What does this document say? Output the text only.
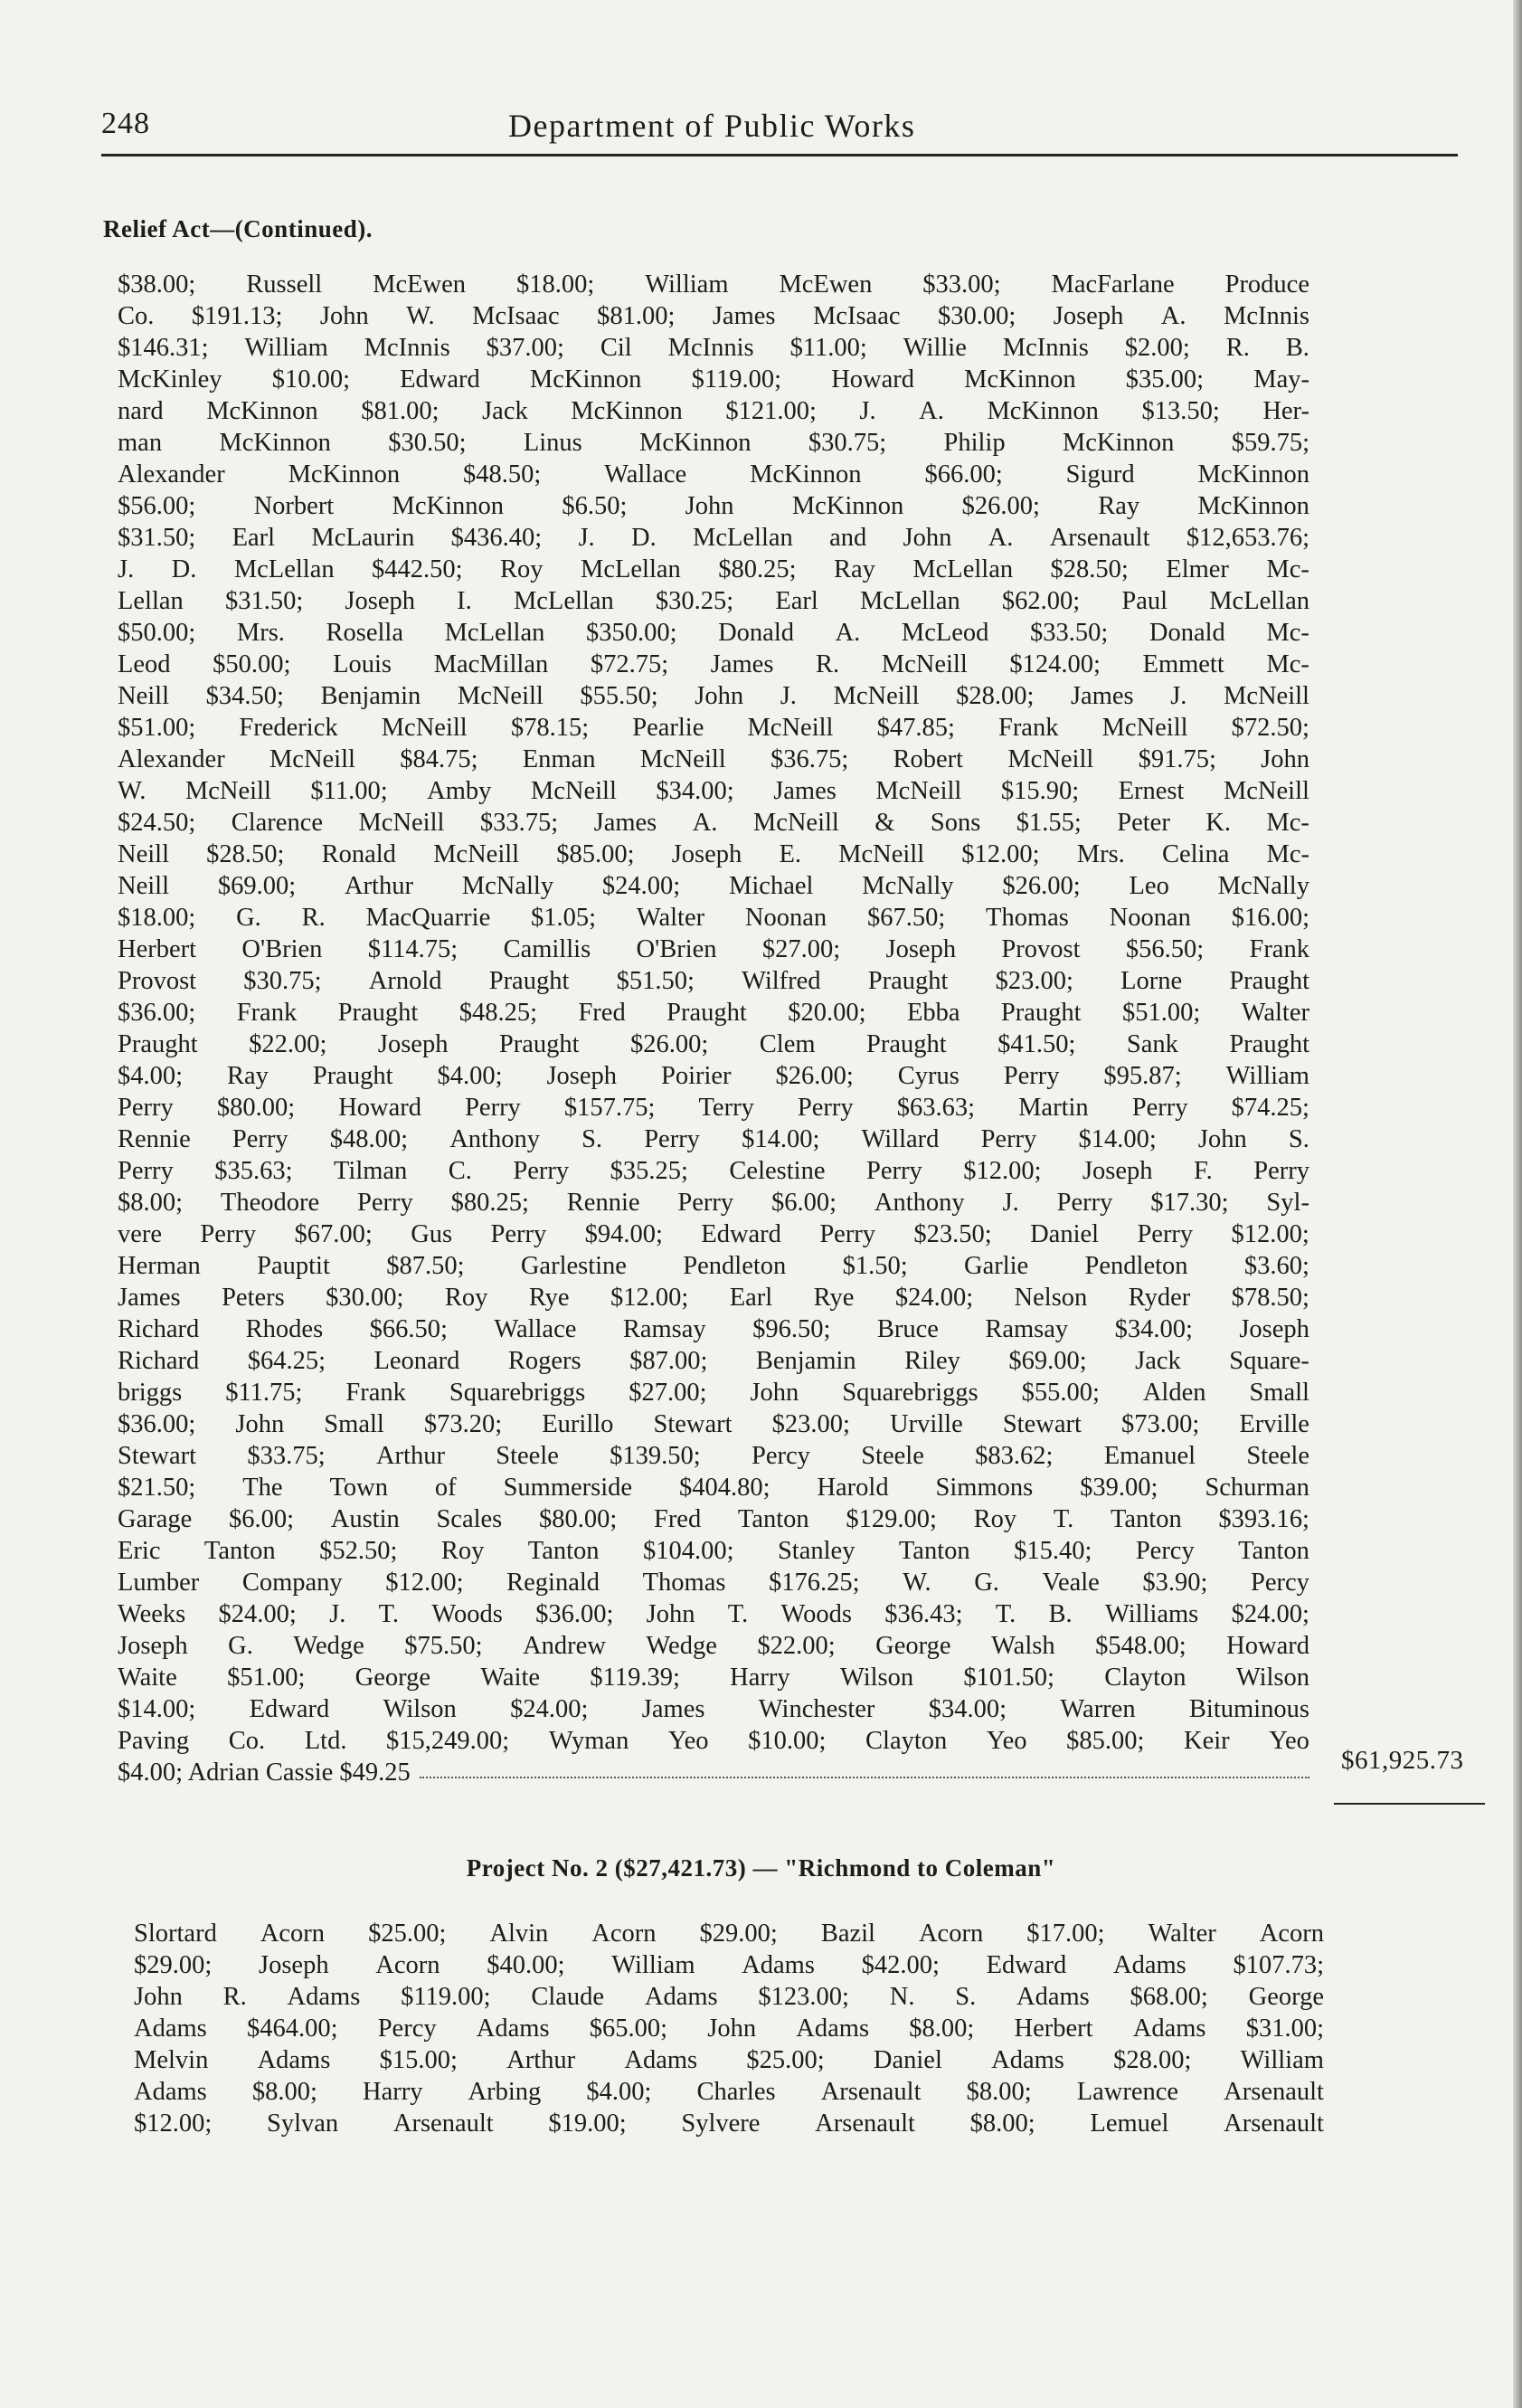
248	Department of Public Works
Relief Act—(Continued).
$38.00; Russell McEwen $18.00; William McEwen $33.00; MacFarlane Produce
Co. $191.13; John W. McIsaac $81.00; James McIsaac $30.00; Joseph A. McInnis
$146.31; William McInnis $37.00; Cil McInnis $11.00; Willie McInnis $2.00; R. B.
McKinley $10.00; Edward McKinnon $119.00; Howard McKinnon $35.00; May-
nard McKinnon $81.00; Jack McKinnon $121.00; J. A. McKinnon $13.50; Her-
man McKinnon $30.50; Linus McKinnon $30.75; Philip McKinnon $59.75;
Alexander McKinnon $48.50; Wallace McKinnon $66.00; Sigurd McKinnon
$56.00; Norbert McKinnon $6.50; John McKinnon $26.00; Ray McKinnon
$31.50; Earl McLaurin $436.40; J. D. McLellan and John A. Arsenault $12,653.76;
J. D. McLellan $442.50; Roy McLellan $80.25; Ray McLellan $28.50; Elmer Mc-
Lellan $31.50; Joseph I. McLellan $30.25; Earl McLellan $62.00; Paul McLellan
$50.00; Mrs. Rosella McLellan $350.00; Donald A. McLeod $33.50; Donald Mc-
Leod $50.00; Louis MacMillan $72.75; James R. McNeill $124.00; Emmett Mc-
Neill $34.50; Benjamin McNeill $55.50; John J. McNeill $28.00; James J. McNeill
$51.00; Frederick McNeill $78.15; Pearlie McNeill $47.85; Frank McNeill $72.50;
Alexander McNeill $84.75; Enman McNeill $36.75; Robert McNeill $91.75; John
W. McNeill $11.00; Amby McNeill $34.00; James McNeill $15.90; Ernest McNeill
$24.50; Clarence McNeill $33.75; James A. McNeill & Sons $1.55; Peter K. Mc-
Neill $28.50; Ronald McNeill $85.00; Joseph E. McNeill $12.00; Mrs. Celina Mc-
Neill $69.00; Arthur McNally $24.00; Michael McNally $26.00; Leo McNally
$18.00; G. R. MacQuarrie $1.05; Walter Noonan $67.50; Thomas Noonan $16.00;
Herbert O'Brien $114.75; Camillis O'Brien $27.00; Joseph Provost $56.50; Frank
Provost $30.75; Arnold Praught $51.50; Wilfred Praught $23.00; Lorne Praught
$36.00; Frank Praught $48.25; Fred Praught $20.00; Ebba Praught $51.00; Walter
Praught $22.00; Joseph Praught $26.00; Clem Praught $41.50; Sank Praught
$4.00; Ray Praught $4.00; Joseph Poirier $26.00; Cyrus Perry $95.87; William
Perry $80.00; Howard Perry $157.75; Terry Perry $63.63; Martin Perry $74.25;
Rennie Perry $48.00; Anthony S. Perry $14.00; Willard Perry $14.00; John S.
Perry $35.63; Tilman C. Perry $35.25; Celestine Perry $12.00; Joseph F. Perry
$8.00; Theodore Perry $80.25; Rennie Perry $6.00; Anthony J. Perry $17.30; Syl-
vere Perry $67.00; Gus Perry $94.00; Edward Perry $23.50; Daniel Perry $12.00;
Herman Pauptit $87.50; Garlestine Pendleton $1.50; Garlie Pendleton $3.60;
James Peters $30.00; Roy Rye $12.00; Earl Rye $24.00; Nelson Ryder $78.50;
Richard Rhodes $66.50; Wallace Ramsay $96.50; Bruce Ramsay $34.00; Joseph
Richard $64.25; Leonard Rogers $87.00; Benjamin Riley $69.00; Jack Square-
briggs $11.75; Frank Squarebriggs $27.00; John Squarebriggs $55.00; Alden Small
$36.00; John Small $73.20; Eurillo Stewart $23.00; Urville Stewart $73.00; Erville
Stewart $33.75; Arthur Steele $139.50; Percy Steele $83.62; Emanuel Steele
$21.50; The Town of Summerside $404.80; Harold Simmons $39.00; Schurman
Garage $6.00; Austin Scales $80.00; Fred Tanton $129.00; Roy T. Tanton $393.16;
Eric Tanton $52.50; Roy Tanton $104.00; Stanley Tanton $15.40; Percy Tanton
Lumber Company $12.00; Reginald Thomas $176.25; W. G. Veale $3.90; Percy
Weeks $24.00; J. T. Woods $36.00; John T. Woods $36.43; T. B. Williams $24.00;
Joseph G. Wedge $75.50; Andrew Wedge $22.00; George Walsh $548.00; Howard
Waite $51.00; George Waite $119.39; Harry Wilson $101.50; Clayton Wilson
$14.00; Edward Wilson $24.00; James Winchester $34.00; Warren Bituminous
Paving Co. Ltd. $15,249.00; Wyman Yeo $10.00; Clayton Yeo $85.00; Keir Yeo
$4.00; Adrian Cassie $49.25	$61,925.73
Project No. 2 ($27,421.73) — "Richmond to Coleman"
Slortard Acorn $25.00; Alvin Acorn $29.00; Bazil Acorn $17.00; Walter Acorn
$29.00; Joseph Acorn $40.00; William Adams $42.00; Edward Adams $107.73;
John R. Adams $119.00; Claude Adams $123.00; N. S. Adams $68.00; George
Adams $464.00; Percy Adams $65.00; John Adams $8.00; Herbert Adams $31.00;
Melvin Adams $15.00; Arthur Adams $25.00; Daniel Adams $28.00; William
Adams $8.00; Harry Arbing $4.00; Charles Arsenault $8.00; Lawrence Arsenault
$12.00; Sylvan Arsenault $19.00; Sylvere Arsenault $8.00; Lemuel Arsenault
